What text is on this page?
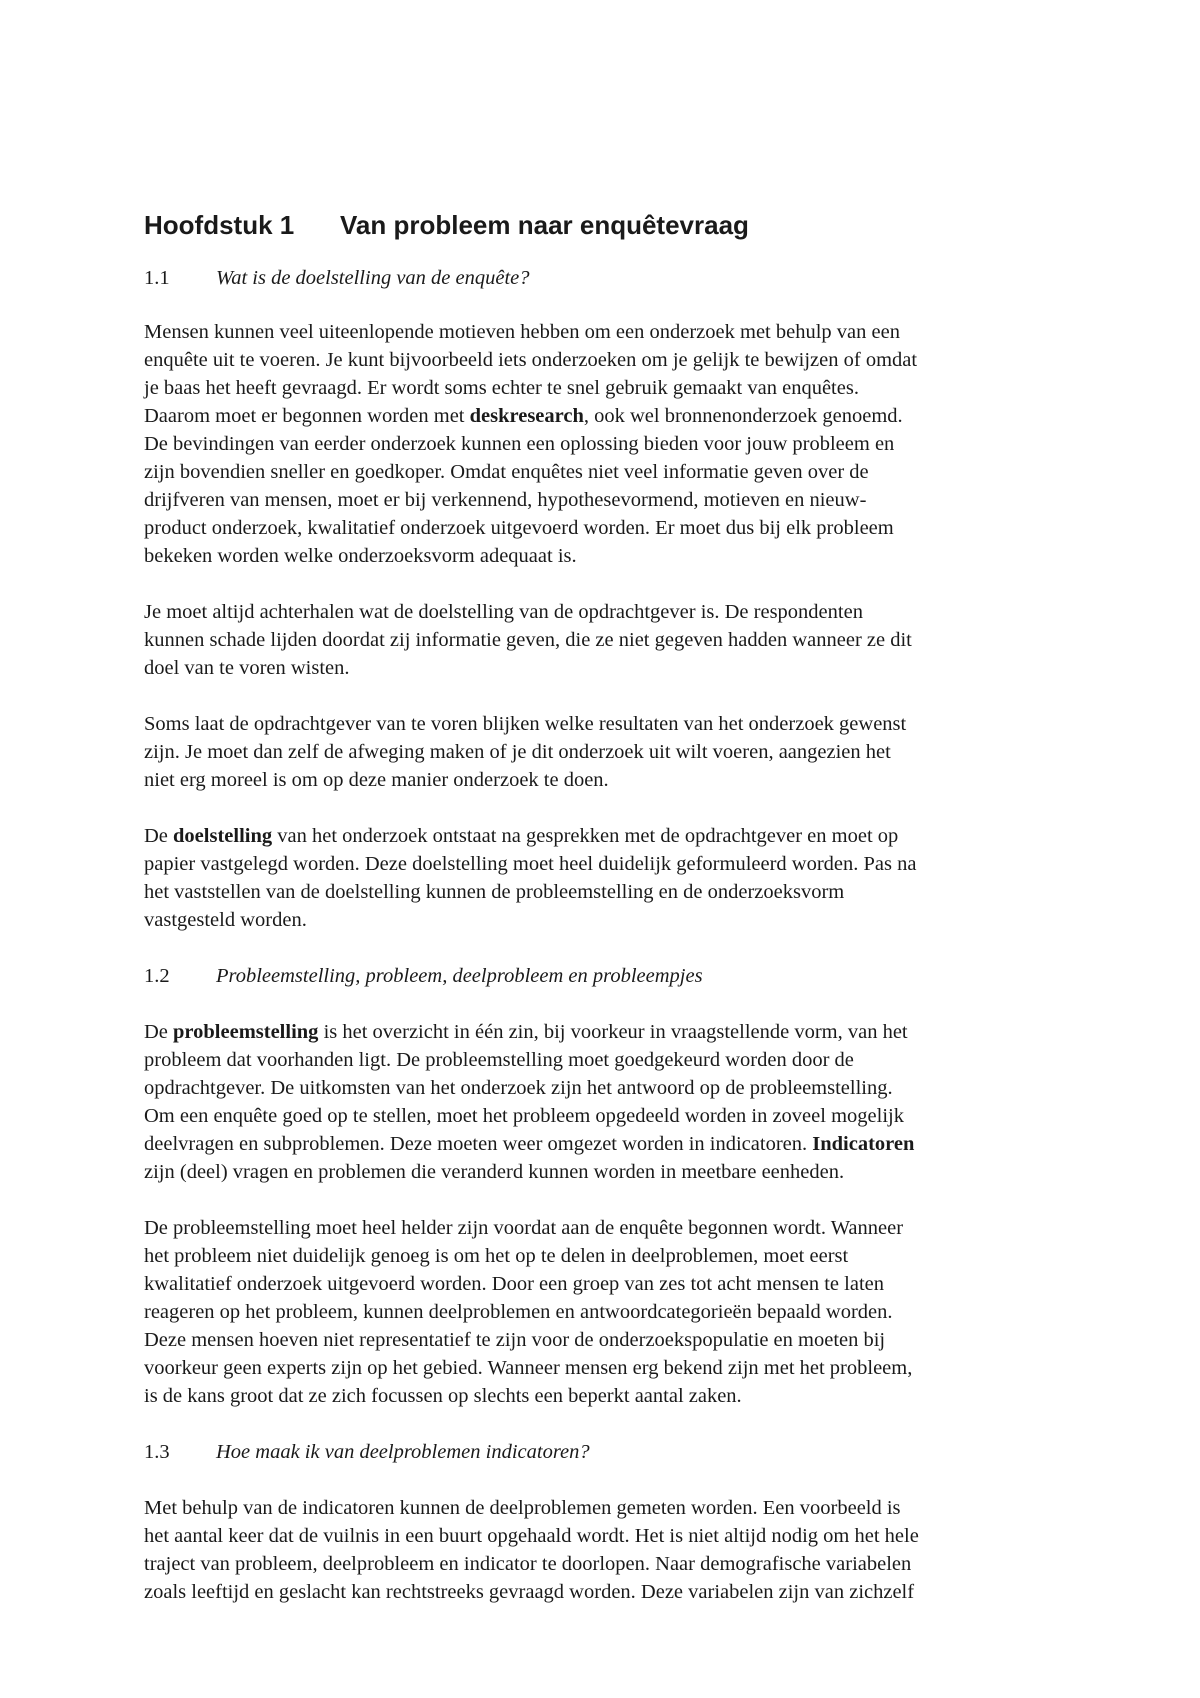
Hoofdstuk 1 Van probleem naar enquêtevraag
1.1 Wat is de doelstelling van de enquête?
Mensen kunnen veel uiteenlopende motieven hebben om een onderzoek met behulp van een
enquête uit te voeren. Je kunt bijvoorbeeld iets onderzoeken om je gelijk te bewijzen of omdat
je baas het heeft gevraagd. Er wordt soms echter te snel gebruik gemaakt van enquêtes.
Daarom moet er begonnen worden met deskresearch, ook wel bronnenonderzoek genoemd.
De bevindingen van eerder onderzoek kunnen een oplossing bieden voor jouw probleem en
zijn bovendien sneller en goedkoper. Omdat enquêtes niet veel informatie geven over de
drijfveren van mensen, moet er bij verkennend, hypothesevormend, motieven en nieuw-
product onderzoek, kwalitatief onderzoek uitgevoerd worden. Er moet dus bij elk probleem
bekeken worden welke onderzoeksvorm adequaat is.
Je moet altijd achterhalen wat de doelstelling van de opdrachtgever is. De respondenten
kunnen schade lijden doordat zij informatie geven, die ze niet gegeven hadden wanneer ze dit
doel van te voren wisten.
Soms laat de opdrachtgever van te voren blijken welke resultaten van het onderzoek gewenst
zijn. Je moet dan zelf de afweging maken of je dit onderzoek uit wilt voeren, aangezien het
niet erg moreel is om op deze manier onderzoek te doen.
De doelstelling van het onderzoek ontstaat na gesprekken met de opdrachtgever en moet op
papier vastgelegd worden. Deze doelstelling moet heel duidelijk geformuleerd worden. Pas na
het vaststellen van de doelstelling kunnen de probleemstelling en de onderzoeksvorm
vastgesteld worden.
1.2 Probleemstelling, probleem, deelprobleem en probleempjes
De probleemstelling is het overzicht in één zin, bij voorkeur in vraagstellende vorm, van het
probleem dat voorhanden ligt. De probleemstelling moet goedgekeurd worden door de
opdrachtgever. De uitkomsten van het onderzoek zijn het antwoord op de probleemstelling.
Om een enquête goed op te stellen, moet het probleem opgedeeld worden in zoveel mogelijk
deelvragen en subproblemen. Deze moeten weer omgezet worden in indicatoren. Indicatoren
zijn (deel) vragen en problemen die veranderd kunnen worden in meetbare eenheden.
De probleemstelling moet heel helder zijn voordat aan de enquête begonnen wordt. Wanneer
het probleem niet duidelijk genoeg is om het op te delen in deelproblemen, moet eerst
kwalitatief onderzoek uitgevoerd worden. Door een groep van zes tot acht mensen te laten
reageren op het probleem, kunnen deelproblemen en antwoordcategorieën bepaald worden.
Deze mensen hoeven niet representatief te zijn voor de onderzoekspopulatie en moeten bij
voorkeur geen experts zijn op het gebied. Wanneer mensen erg bekend zijn met het probleem,
is de kans groot dat ze zich focussen op slechts een beperkt aantal zaken.
1.3 Hoe maak ik van deelproblemen indicatoren?
Met behulp van de indicatoren kunnen de deelproblemen gemeten worden. Een voorbeeld is
het aantal keer dat de vuilnis in een buurt opgehaald wordt. Het is niet altijd nodig om het hele
traject van probleem, deelprobleem en indicator te doorlopen. Naar demografische variabelen
zoals leeftijd en geslacht kan rechtstreeks gevraagd worden. Deze variabelen zijn van zichzelf
